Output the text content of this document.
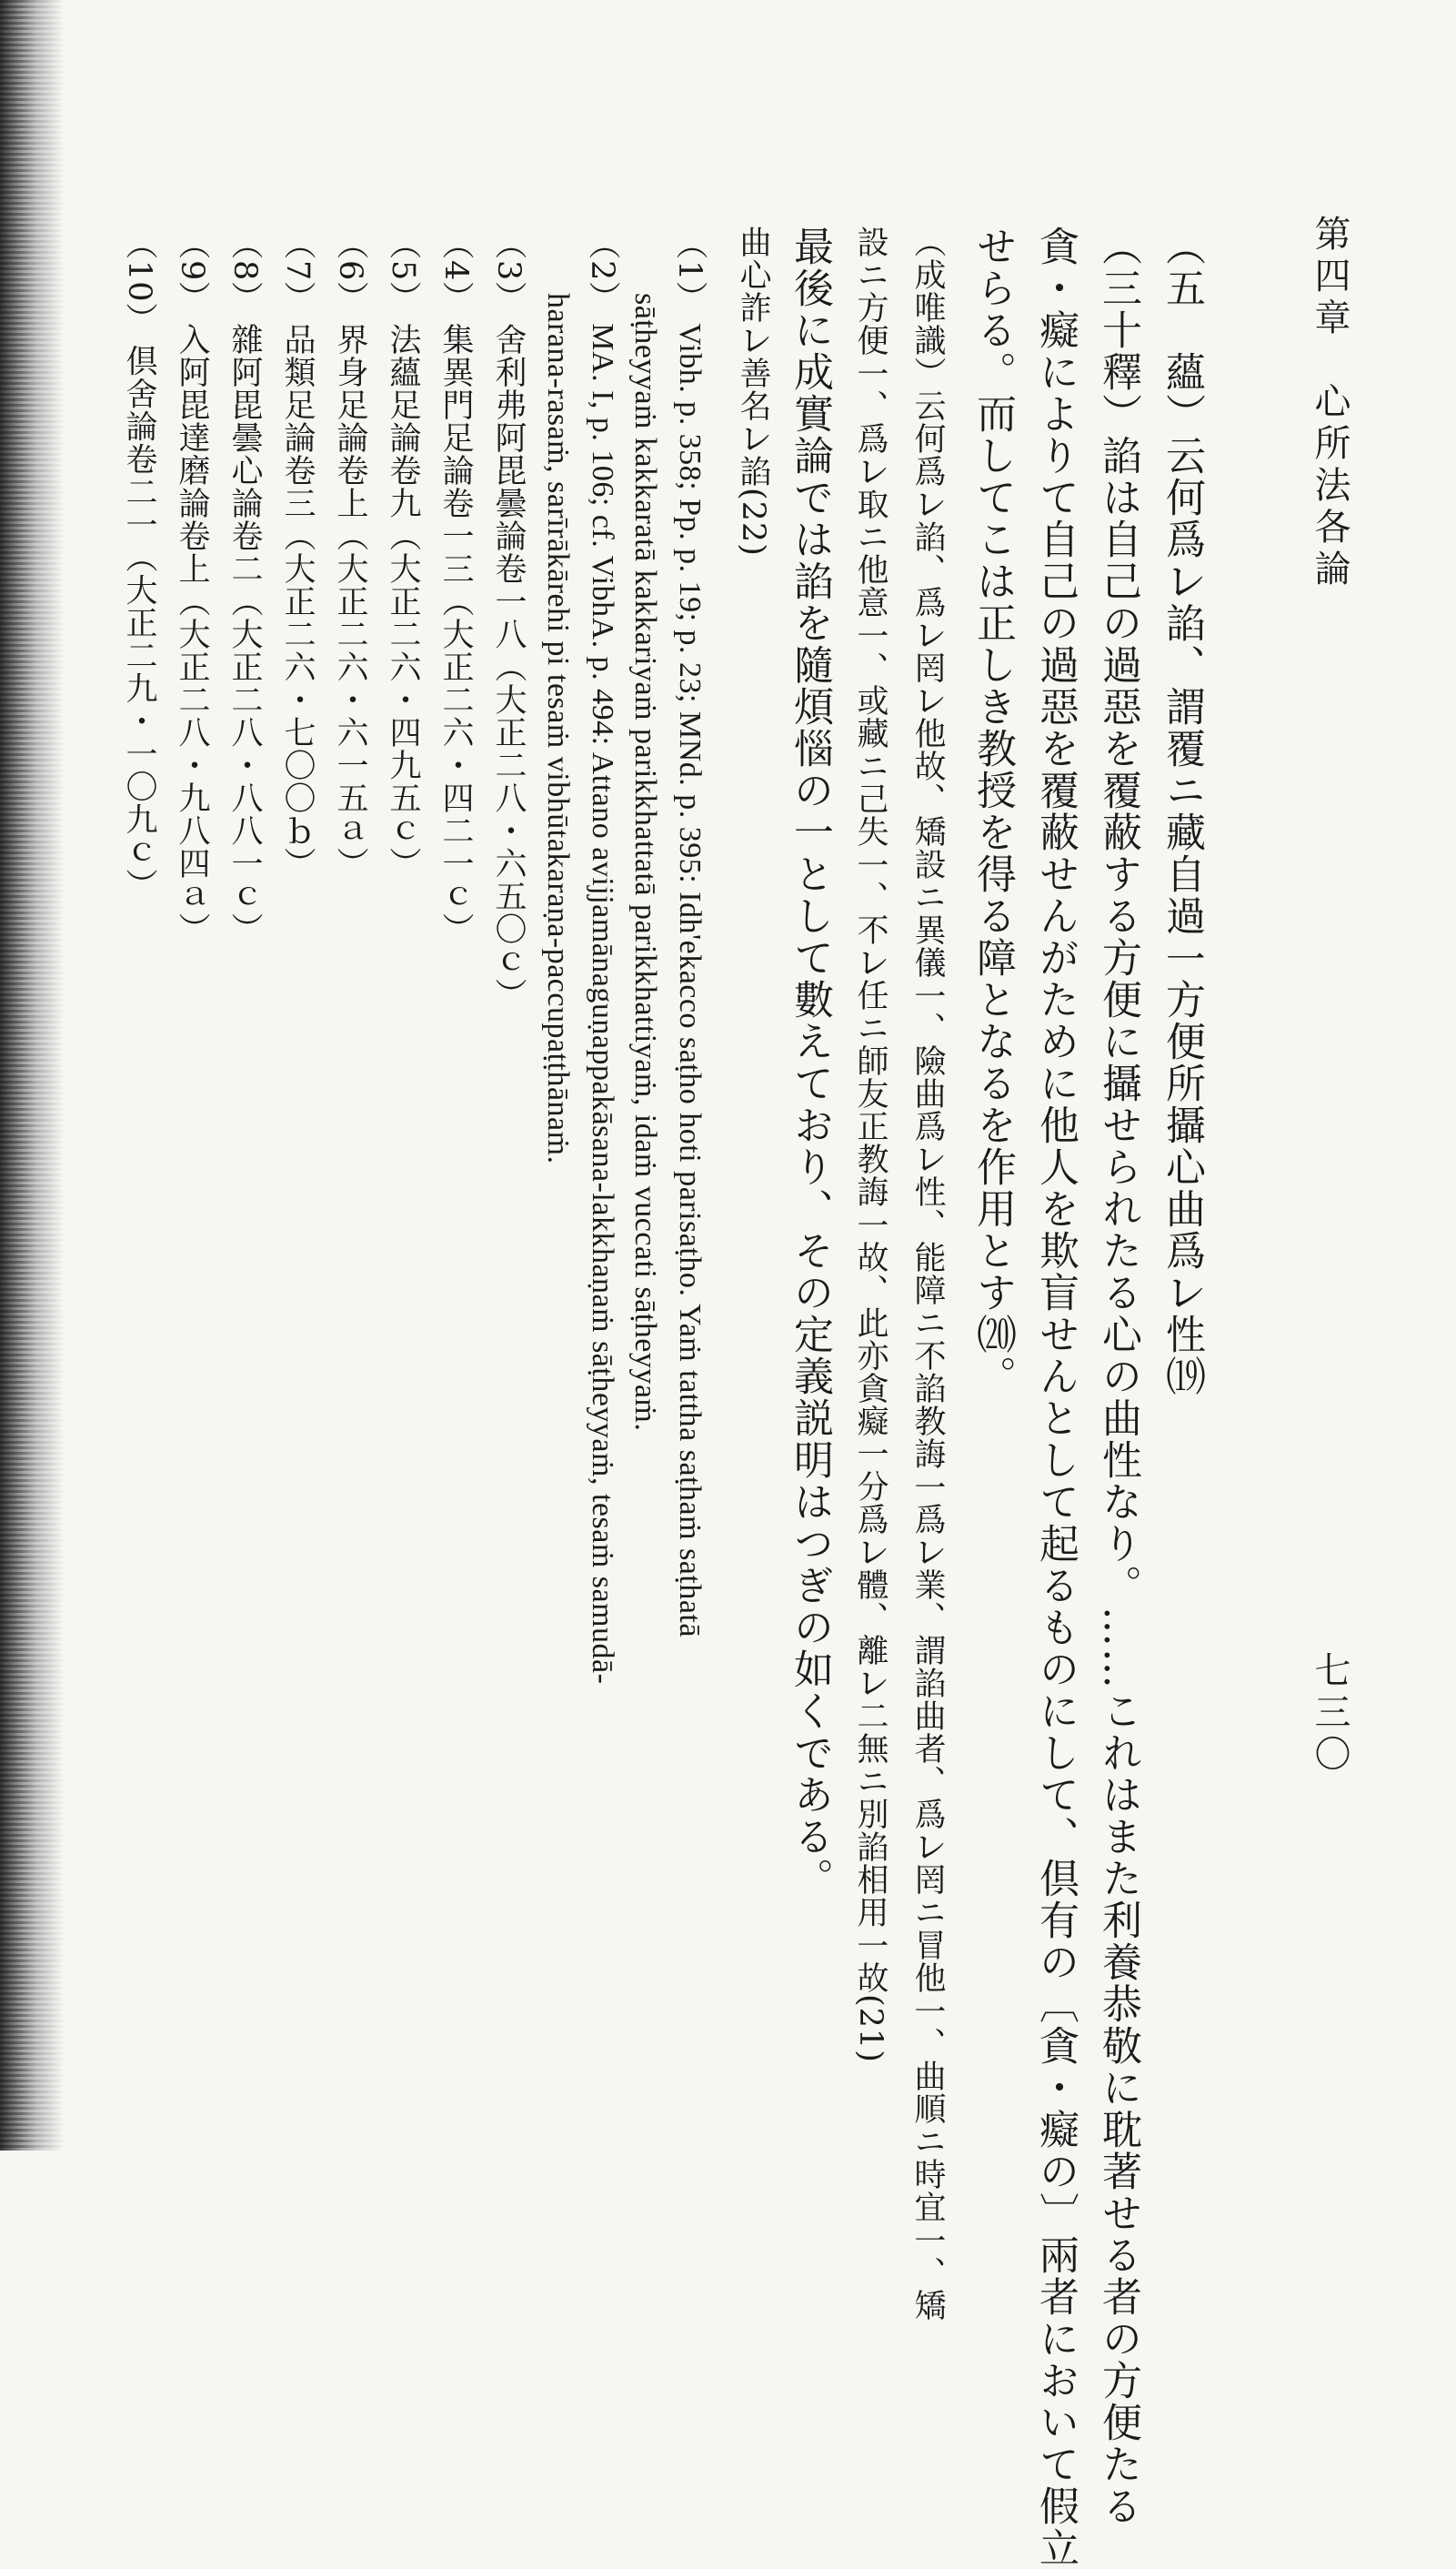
第四章　心所法各論

七三〇

（五　蘊）云何爲㆑諂、謂覆ニ藏自過㆒方便所攝心曲爲㆑性⒆

（三十釋）諂は自己の過惡を覆蔽する方便に攝せられたる心の曲性なり。……これはまた利養恭敬に耽著せる者の方便たる

貪・癡によりて自己の過惡を覆蔽せんがために他人を欺盲せんとして起るものにして、倶有の〔貪・癡の〕兩者において假立

せらる。而してこは正しき教授を得る障となるを作用とす⒇。

（成唯識）云何爲㆑諂、爲㆑罔㆑他故、矯設ニ異儀㆒、險曲爲㆑性、能障ニ不諂教誨㆒爲㆑業、謂諂曲者、爲㆑罔ニ冒他㆒、曲順ニ時宜㆒、矯

設ニ方便㆒、爲㆑取ニ他意㆒、或藏ニ己失㆒、不㆑任ニ師友正教誨㆒故、此亦貪癡一分爲㆑體、離㆑二無ニ別諂相用㆒故(21)

最後に成實論では諂を隨煩惱の一として數えており、その定義説明はつぎの如くである。

曲心詐㆑善名㆑諂(22)

（1）Vibh. p. 358; Pp. p. 19; p. 23; MNd. p. 395: Idh'ekacco saṭho hoti parisaṭho. Yaṁ tattha saṭhaṁ saṭhatā

sāṭheyyaṁ kakkaratā kakkariyaṁ parikkhattatā parikkhattiyaṁ, idaṁ vuccati sāṭheyyaṁ.

（2）MA. I, p. 106; cf. VibhA. p. 494: Attano avijjamānaguṇappakāsana-lakkhaṇaṁ sāṭheyyaṁ, tesaṁ samudā-

harana-rasaṁ, sarīrākārehi pi tesaṁ vibhūtakaraṇa-paccupaṭṭhānaṁ.

（3）舍利弗阿毘曇論卷一八（大正二八・六五〇ｃ）

（4）集異門足論卷一三（大正二六・四二一ｃ）

（5）法蘊足論卷九（大正二六・四九五ｃ）

（6）界身足論卷上（大正二六・六一五ａ）

（7）品類足論卷三（大正二六・七〇〇ｂ）

（8）雜阿毘曇心論卷二（大正二八・八八一ｃ）

（9）入阿毘達磨論卷上（大正二八・九八四ａ）

（10）倶舍論卷二一（大正二九・一〇九ｃ）
